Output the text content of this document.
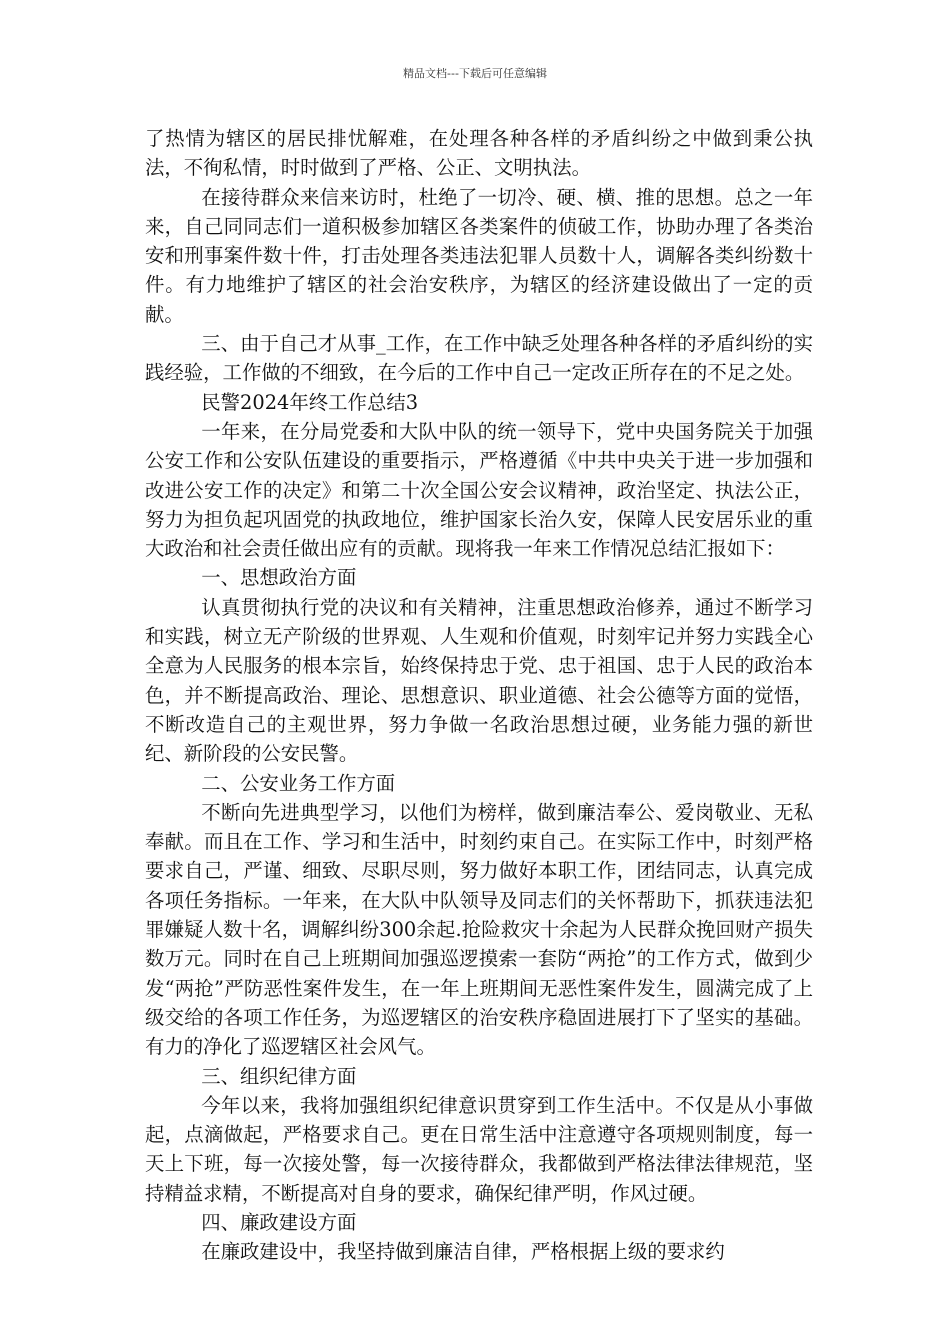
精品文档---下载后可任意编辑

了热情为辖区的居民排忧解难，在处理各种各样的矛盾纠纷之中做到秉公执法，不徇私情，时时做到了严格、公正、文明执法。

在接待群众来信来访时，杜绝了一切冷、硬、横、推的思想。总之一年来，自己同同志们一道积极参加辖区各类案件的侦破工作，协助办理了各类治安和刑事案件数十件，打击处理各类违法犯罪人员数十人，调解各类纠纷数十件。有力地维护了辖区的社会治安秩序，为辖区的经济建设做出了一定的贡献。

三、由于自己才从事_工作，在工作中缺乏处理各种各样的矛盾纠纷的实践经验，工作做的不细致，在今后的工作中自己一定改正所存在的不足之处。

民警2024年终工作总结3

一年来，在分局党委和大队中队的统一领导下，党中央国务院关于加强公安工作和公安队伍建设的重要指示，严格遵循《中共中央关于进一步加强和改进公安工作的决定》和第二十次全国公安会议精神，政治坚定、执法公正，努力为担负起巩固党的执政地位，维护国家长治久安，保障人民安居乐业的重大政治和社会责任做出应有的贡献。现将我一年来工作情况总结汇报如下：

一、思想政治方面

认真贯彻执行党的决议和有关精神，注重思想政治修养，通过不断学习和实践，树立无产阶级的世界观、人生观和价值观，时刻牢记并努力实践全心全意为人民服务的根本宗旨，始终保持忠于党、忠于祖国、忠于人民的政治本色，并不断提高政治、理论、思想意识、职业道德、社会公德等方面的觉悟，不断改造自己的主观世界，努力争做一名政治思想过硬，业务能力强的新世纪、新阶段的公安民警。

二、公安业务工作方面

不断向先进典型学习，以他们为榜样，做到廉洁奉公、爱岗敬业、无私奉献。而且在工作、学习和生活中，时刻约束自己。在实际工作中，时刻严格要求自己，严谨、细致、尽职尽则，努力做好本职工作，团结同志，认真完成各项任务指标。一年来，在大队中队领导及同志们的关怀帮助下，抓获违法犯罪嫌疑人数十名，调解纠纷300余起.抢险救灾十余起为人民群众挽回财产损失数万元。同时在自己上班期间加强巡逻摸索一套防“两抢”的工作方式，做到少发“两抢”严防恶性案件发生，在一年上班期间无恶性案件发生，圆满完成了上级交给的各项工作任务，为巡逻辖区的治安秩序稳固进展打下了坚实的基础。有力的净化了巡逻辖区社会风气。

三、组织纪律方面

今年以来，我将加强组织纪律意识贯穿到工作生活中。不仅是从小事做起，点滴做起，严格要求自己。更在日常生活中注意遵守各项规则制度，每一天上下班，每一次接处警，每一次接待群众，我都做到严格法律法律规范，坚持精益求精，不断提高对自身的要求，确保纪律严明，作风过硬。

四、廉政建设方面

在廉政建设中，我坚持做到廉洁自律，严格根据上级的要求约
